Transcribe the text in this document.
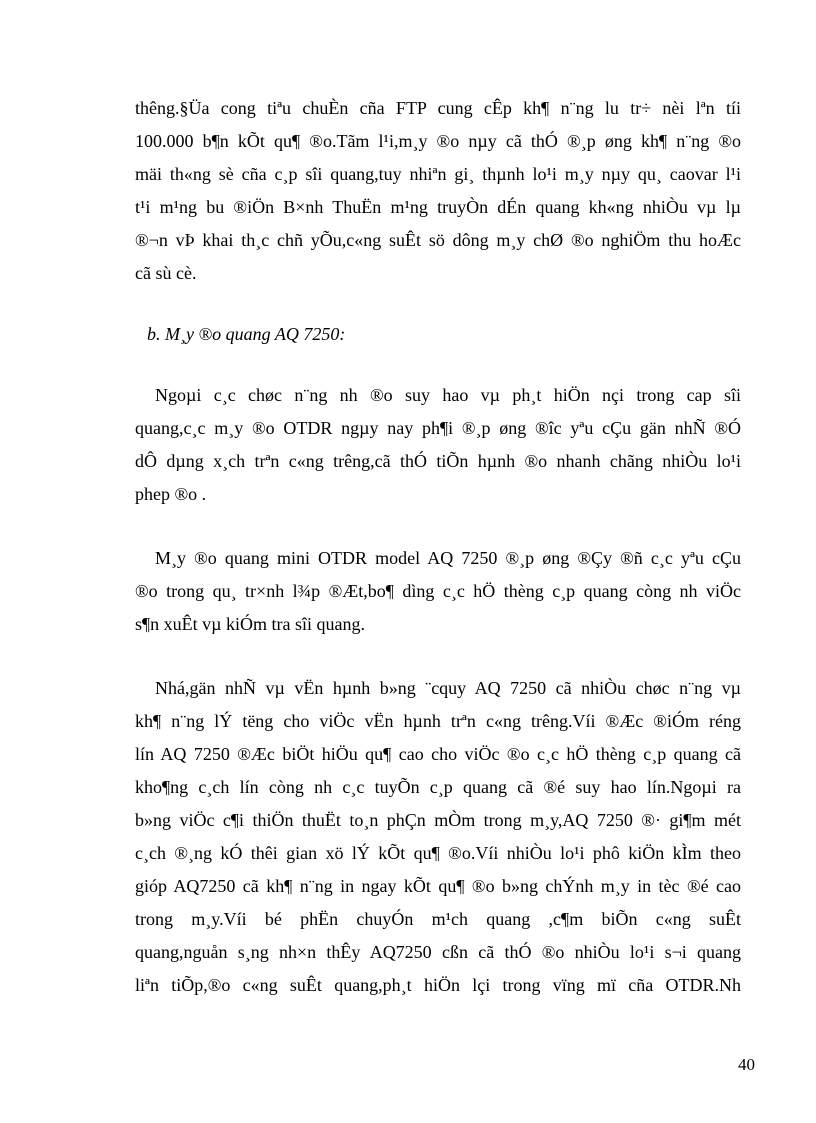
thêng.§Üa cong tiªu chuÈn cña FTP cung cÊp kh¶ n¨ng lu tr÷ nèi lªn tíi
100.000 b¶n kÕt qu¶ ®o.Tãm l¹i,m¸y ®o nµy cã thÓ ®¸p øng kh¶ n¨ng ®o
mäi th«ng sè cña c¸p sîi quang,tuy nhiªn gi¸ thµnh lo¹i m¸y nµy qu¸ caovar l¹i
t¹i m¹ng bu ®iÖn B×nh ThuËn m¹ng truyÒn dÉn quang kh«ng nhiÒu vµ lµ
®¬n vÞ khai th¸c chñ yÕu,c«ng suÊt sö dông m¸y chØ ®o nghiÖm thu hoÆc
cã sù cè.
b. M¸y ®o quang AQ 7250:
Ngoµi c¸c chøc n¨ng nh ®o suy hao vµ ph¸t hiÖn nçi trong cap sîi
quang,c¸c m¸y ®o OTDR ngµy nay ph¶i ®¸p øng ®îc yªu cÇu gän nhÑ ®Ó
dÔ dµng x¸ch trªn c«ng trêng,cã thÓ tiÕn hµnh ®o nhanh chãng nhiÒu lo¹i
phep ®o .
M¸y ®o quang mini OTDR model AQ 7250 ®¸p øng ®Çy ®ñ c¸c yªu cÇu
®o trong qu¸ tr×nh l¾p ®Æt,bo¶ dìng c¸c hÖ thèng c¸p quang còng nh viÖc
s¶n xuÊt vµ kiÓm tra sîi quang.
Nhá,gän nhÑ vµ vËn hµnh b»ng ¨cquy AQ 7250 cã nhiÒu chøc n¨ng vµ
kh¶ n¨ng lÝ tëng cho viÖc vËn hµnh trªn c«ng trêng.Víi ®Æc ®iÓm réng
lín AQ 7250 ®Æc biÖt hiÖu qu¶ cao cho viÖc ®o c¸c hÖ thèng c¸p quang cã
kho¶ng c¸ch lín còng nh c¸c tuyÕn c¸p quang cã ®é suy hao lín.Ngoµi ra
b»ng viÖc c¶i thiÖn thuËt to¸n phÇn mÒm trong m¸y,AQ 7250 ®· gi¶m mét
c¸ch ®¸ng kÓ thêi gian xö lÝ kÕt qu¶ ®o.Víi nhiÒu lo¹i phô kiÖn kÌm theo
gióp AQ7250 cã kh¶ n¨ng in ngay kÕt qu¶ ®o b»ng chÝnh m¸y in tèc ®é cao
trong m¸y.Víi bé phËn chuyÓn m¹ch quang ,c¶m biÕn c«ng suÊt
quang,nguån s¸ng nh×n thÊy AQ7250 cßn cã thÓ ®o nhiÒu lo¹i s¬i quang
liªn tiÕp,®o c«ng suÊt quang,ph¸t hiÖn lçi trong vïng mï cña OTDR.Nh
40
